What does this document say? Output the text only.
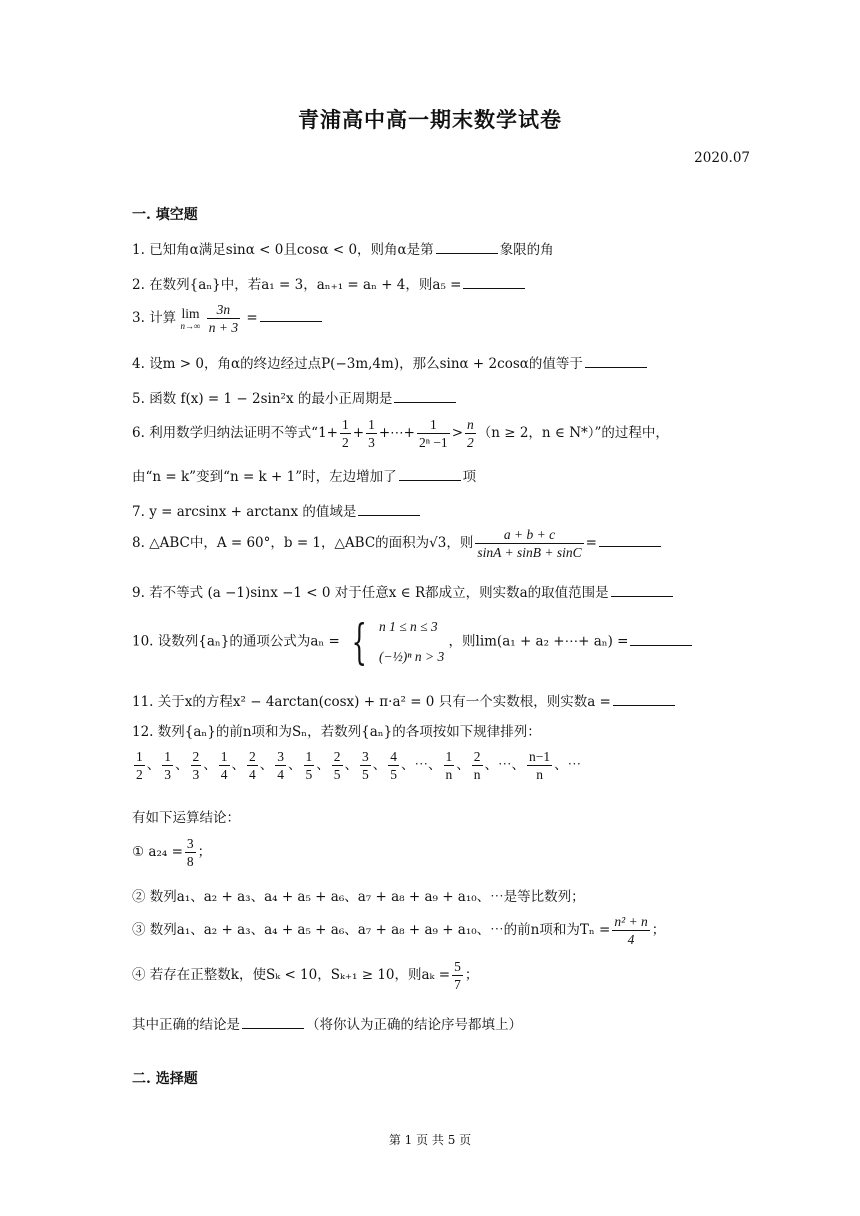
青浦高中高一期末数学试卷
2020.07
一. 填空题
1. 已知角α满足sinα < 0且cosα < 0，则角α是第	象限的角
2. 在数列{aₙ}中，若a₁ = 3，aₙ₊₁ = aₙ + 4，则a₅ =
3. 计算 lim
n→∞
$\frac{3n}{n + 3}$ =
4. 设m > 0，角α的终边经过点P(−3m,4m)，那么sinα + 2cosα的值等于
5. 函数 f(x) = 1 − 2sin²x 的最小正周期是
6. 利用数学归纳法证明不等式“$1+ \frac{1}{2} + \frac{1}{3}$ +⋯+ $\frac{1}{\text{2ⁿ −1}} > \frac{n}{2} (n \ge 2$，n ∈ N*）”的过程中，
由“n = k”变到“n = k + 1”时，左边增加了	项
7. y = arcsinx + arctanx 的值域是
8. △ABC中，A = 60°，b = 1，△ABC的面积为√3，则 $\frac{a + b + c}{\sin A + \sin B + \sin C}$ =
9. 若不等式 (a −1)sinx −1 < 0 对于任意x ∈ R都成立，则实数a的取值范围是
10. 设数列{aₙ}的通项公式为aₙ = { n 1 ≤ n ≤ 3
(−½)ⁿ n > 3
，则lim(a₁ + a₂ +⋯+ aₙ) =
11. 关于x的方程x² − 4arctan(cosx) + π·a² = 0 只有一个实数根，则实数a =
12. 数列{aₙ}的前n项和为Sₙ，若数列{aₙ}的各项按如下规律排列：
$\frac{1}{2}$ 、 $\frac{1}{3}$ 、 $\frac{2}{3}$ 、 $\frac{1}{4}$ 、 $\frac{2}{4}$ 、 $\frac{3}{4}$ 、 $\frac{1}{5}$ 、 $\frac{2}{5}$ 、 $\frac{3}{5}$ 、 $\frac{4}{5}$ 、⋯、 $\frac{1}{n}$ 、 $\frac{2}{n}$ 、⋯、 $\frac{n-1}{n}$ 、⋯
有如下运算结论：
① $a_{24} = \frac{3}{8}$ ；
② 数列a₁、a₂ + a₃、a₄ + a₅ + a₆、a₇ + a₈ + a₉ + a₁₀、⋯是等比数列；
③ 数列a₁、a₂ + a₃、a₄ + a₅ + a₆、a₇ + a₈ + a₉ + a₁₀、⋯的前n项和为$T_n = \frac{\text{n² + n}}{4}$ ；
④ 若存在正整数k，使Sₖ < 10，Sₖ₊₁ ≥ 10，则$a_k = \frac{5}{7}$ ；
其中正确的结论是	（将你认为正确的结论序号都填上）
二. 选择题
第 1 页 共 5 页
